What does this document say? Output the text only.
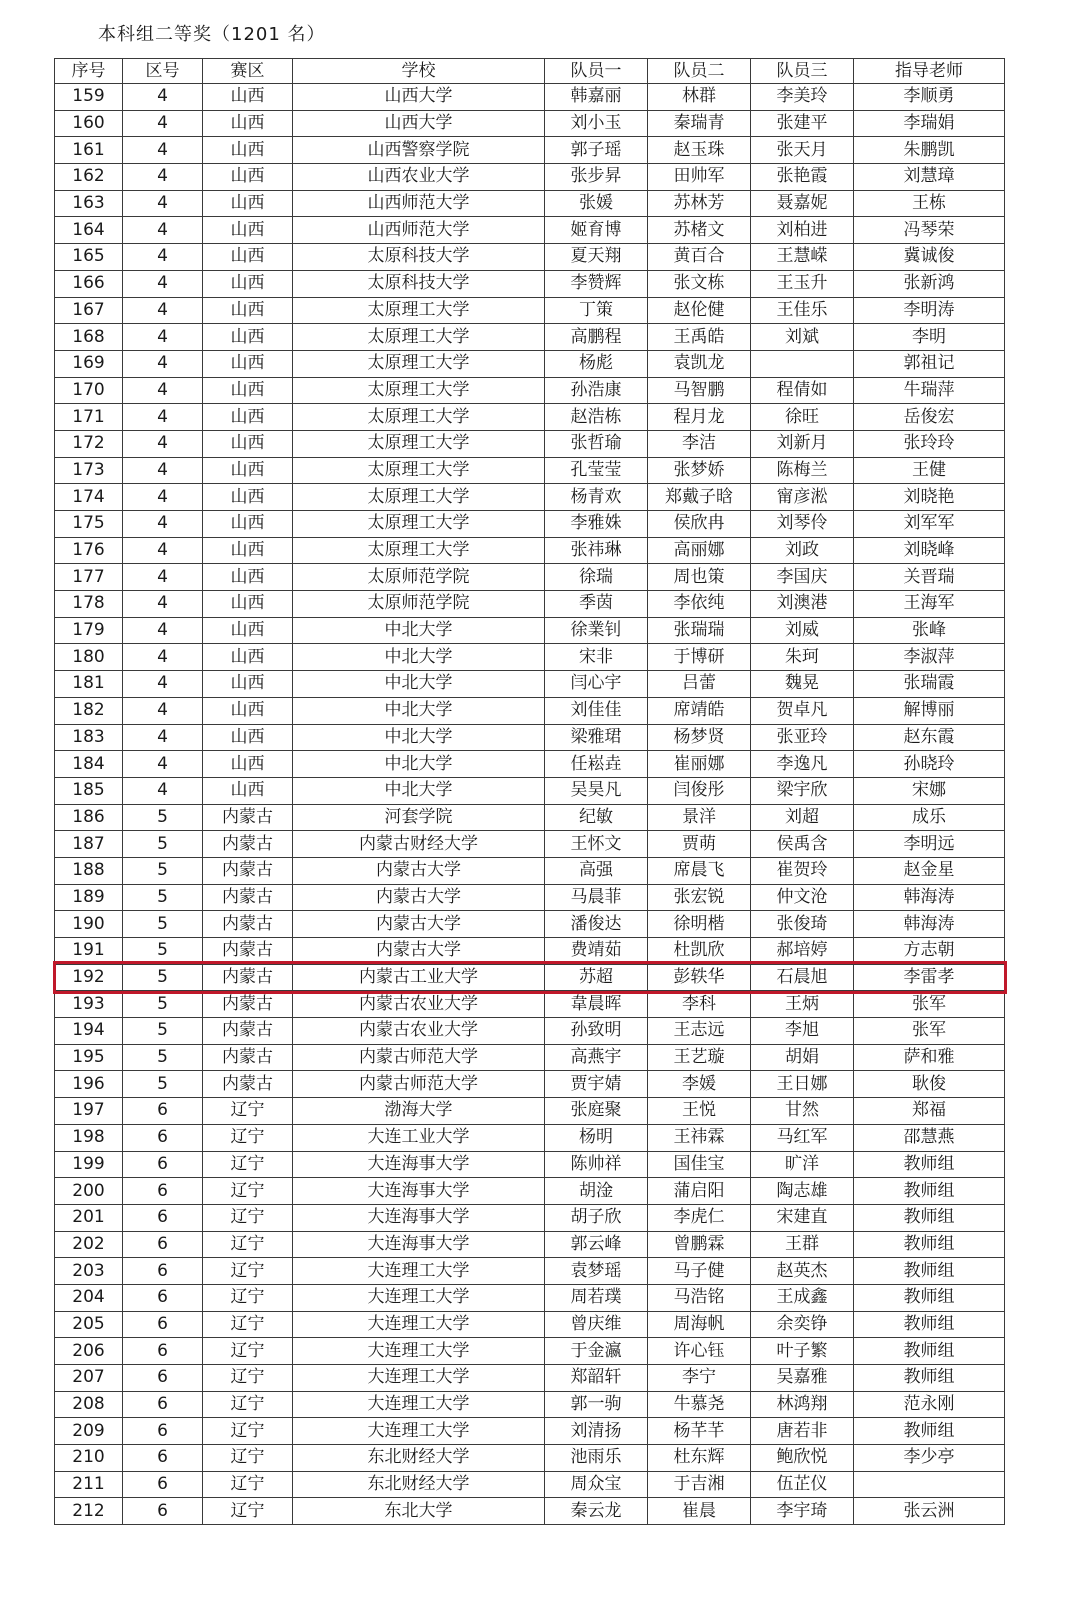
本科组二等奖（1201 名）
序号	区号	赛区	学校	队员一	队员二	队员三	指导老师
159	4	山西	山西大学	韩嘉丽	林群	李美玲	李顺勇
160	4	山西	山西大学	刘小玉	秦瑞青	张建平	李瑞娟
161	4	山西	山西警察学院	郭子瑶	赵玉珠	张天月	朱鹏凯
162	4	山西	山西农业大学	张步昇	田帅军	张艳霞	刘慧璋
163	4	山西	山西师范大学	张媛	苏林芳	聂嘉妮	王栋
164	4	山西	山西师范大学	姬育博	苏楮文	刘柏进	冯琴荣
165	4	山西	太原科技大学	夏天翔	黄百合	王慧嵘	冀诚俊
166	4	山西	太原科技大学	李赞辉	张文栋	王玉升	张新鸿
167	4	山西	太原理工大学	丁策	赵伦健	王佳乐	李明涛
168	4	山西	太原理工大学	高鹏程	王禹皓	刘斌	李明
169	4	山西	太原理工大学	杨彪	袁凯龙		郭祖记
170	4	山西	太原理工大学	孙浩康	马智鹏	程倩如	牛瑞萍
171	4	山西	太原理工大学	赵浩栋	程月龙	徐旺	岳俊宏
172	4	山西	太原理工大学	张哲瑜	李洁	刘新月	张玲玲
173	4	山西	太原理工大学	孔莹莹	张梦娇	陈梅兰	王健
174	4	山西	太原理工大学	杨青欢	郑戴子晗	甯彦淞	刘晓艳
175	4	山西	太原理工大学	李雅姝	侯欣冉	刘琴伶	刘军军
176	4	山西	太原理工大学	张祎琳	高丽娜	刘政	刘晓峰
177	4	山西	太原师范学院	徐瑞	周也策	李国庆	关晋瑞
178	4	山西	太原师范学院	季茵	李依纯	刘澳港	王海军
179	4	山西	中北大学	徐業钊	张瑞瑞	刘威	张峰
180	4	山西	中北大学	宋非	于博研	朱珂	李淑萍
181	4	山西	中北大学	闫心宇	吕蕾	魏晃	张瑞霞
182	4	山西	中北大学	刘佳佳	席靖皓	贺卓凡	解博丽
183	4	山西	中北大学	梁雅珺	杨梦贤	张亚玲	赵东霞
184	4	山西	中北大学	任崧垚	崔丽娜	李逸凡	孙晓玲
185	4	山西	中北大学	吴昊凡	闫俊彤	梁宇欣	宋娜
186	5	内蒙古	河套学院	纪敏	景洋	刘超	成乐
187	5	内蒙古	内蒙古财经大学	王怀文	贾萌	侯禹含	李明远
188	5	内蒙古	内蒙古大学	高强	席晨飞	崔贺玲	赵金星
189	5	内蒙古	内蒙古大学	马晨菲	张宏锐	仲文沧	韩海涛
190	5	内蒙古	内蒙古大学	潘俊达	徐明楷	张俊琦	韩海涛
191	5	内蒙古	内蒙古大学	费靖茹	杜凯欣	郝培婷	方志朝
192	5	内蒙古	内蒙古工业大学	苏超	彭轶华	石晨旭	李雷孝
193	5	内蒙古	内蒙古农业大学	韋晨晖	李科	王炳	张军
194	5	内蒙古	内蒙古农业大学	孙致明	王志远	李旭	张军
195	5	内蒙古	内蒙古师范大学	高燕宇	王艺璇	胡娟	萨和雅
196	5	内蒙古	内蒙古师范大学	贾宇婧	李媛	王日娜	耿俊
197	6	辽宁	渤海大学	张庭聚	王悦	甘然	郑福
198	6	辽宁	大连工业大学	杨明	王祎霖	马红军	邵慧燕
199	6	辽宁	大连海事大学	陈帅祥	国佳宝	旷洋	教师组
200	6	辽宁	大连海事大学	胡淦	蒲启阳	陶志雄	教师组
201	6	辽宁	大连海事大学	胡子欣	李虎仁	宋建直	教师组
202	6	辽宁	大连海事大学	郭云峰	曾鹏霖	王群	教师组
203	6	辽宁	大连理工大学	袁梦瑶	马子健	赵英杰	教师组
204	6	辽宁	大连理工大学	周若璞	马浩铭	王成鑫	教师组
205	6	辽宁	大连理工大学	曾庆维	周海帆	余奕铮	教师组
206	6	辽宁	大连理工大学	于金瀛	许心钰	叶子繁	教师组
207	6	辽宁	大连理工大学	郑韶轩	李宁	吴嘉雅	教师组
208	6	辽宁	大连理工大学	郭一驹	牛慕尧	林鸿翔	范永刚
209	6	辽宁	大连理工大学	刘清扬	杨芊芊	唐若非	教师组
210	6	辽宁	东北财经大学	池雨乐	杜东辉	鲍欣悦	李少亭
211	6	辽宁	东北财经大学	周众宝	于吉湘	伍芷仪	
212	6	辽宁	东北大学	秦云龙	崔晨	李宇琦	张云洲
